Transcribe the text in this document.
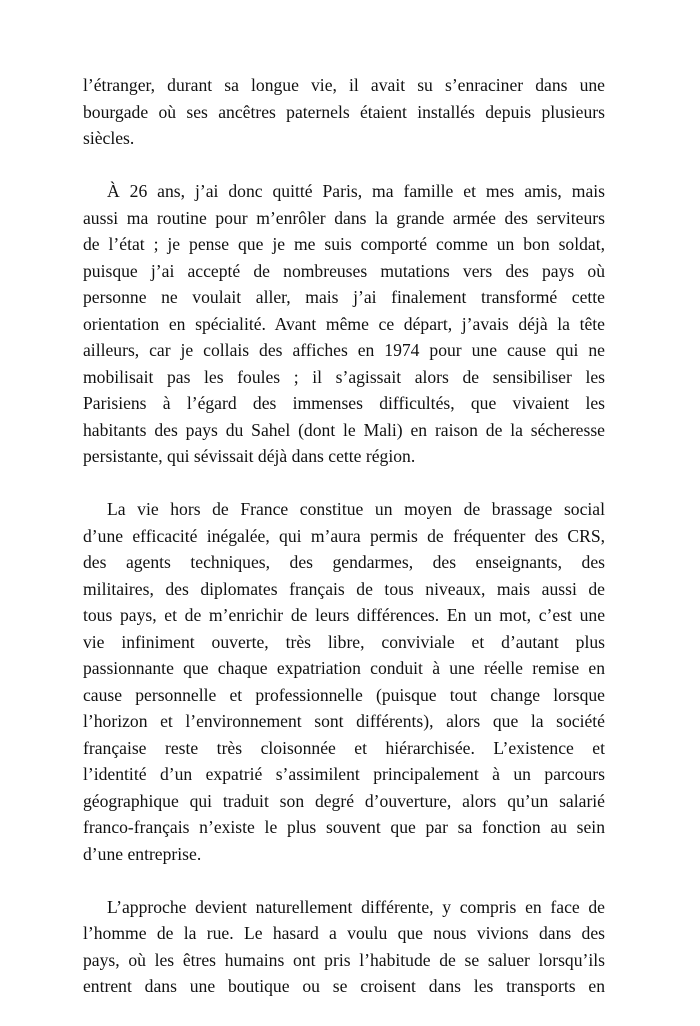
l’étranger, durant sa longue vie, il avait su s’enraciner dans une
bourgade où ses ancêtres paternels étaient installés depuis plusieurs
siècles.

À 26 ans, j’ai donc quitté Paris, ma famille et mes amis, mais
aussi ma routine pour m’enrôler dans la grande armée des serviteurs
de l’état ; je pense que je me suis comporté comme un bon soldat,
puisque j’ai accepté de nombreuses mutations vers des pays où
personne ne voulait aller, mais j’ai finalement transformé cette
orientation en spécialité. Avant même ce départ, j’avais déjà la tête
ailleurs, car je collais des affiches en 1974 pour une cause qui ne
mobilisait pas les foules ; il s’agissait alors de sensibiliser les
Parisiens à l’égard des immenses difficultés, que vivaient les
habitants des pays du Sahel (dont le Mali) en raison de la sécheresse
persistante, qui sévissait déjà dans cette région.

La vie hors de France constitue un moyen de brassage social
d’une efficacité inégalée, qui m’aura permis de fréquenter des CRS,
des agents techniques, des gendarmes, des enseignants, des
militaires, des diplomates français de tous niveaux, mais aussi de
tous pays, et de m’enrichir de leurs différences. En un mot, c’est une
vie infiniment ouverte, très libre, conviviale et d’autant plus
passionnante que chaque expatriation conduit à une réelle remise en
cause personnelle et professionnelle (puisque tout change lorsque
l’horizon et l’environnement sont différents), alors que la société
française reste très cloisonnée et hiérarchisée. L’existence et
l’identité d’un expatrié s’assimilent principalement à un parcours
géographique qui traduit son degré d’ouverture, alors qu’un salarié
franco-français n’existe le plus souvent que par sa fonction au sein
d’une entreprise.

L’approche devient naturellement différente, y compris en face de
l’homme de la rue. Le hasard a voulu que nous vivions dans des
pays, où les êtres humains ont pris l’habitude de se saluer lorsqu’ils
entrent dans une boutique ou se croisent dans les transports en
